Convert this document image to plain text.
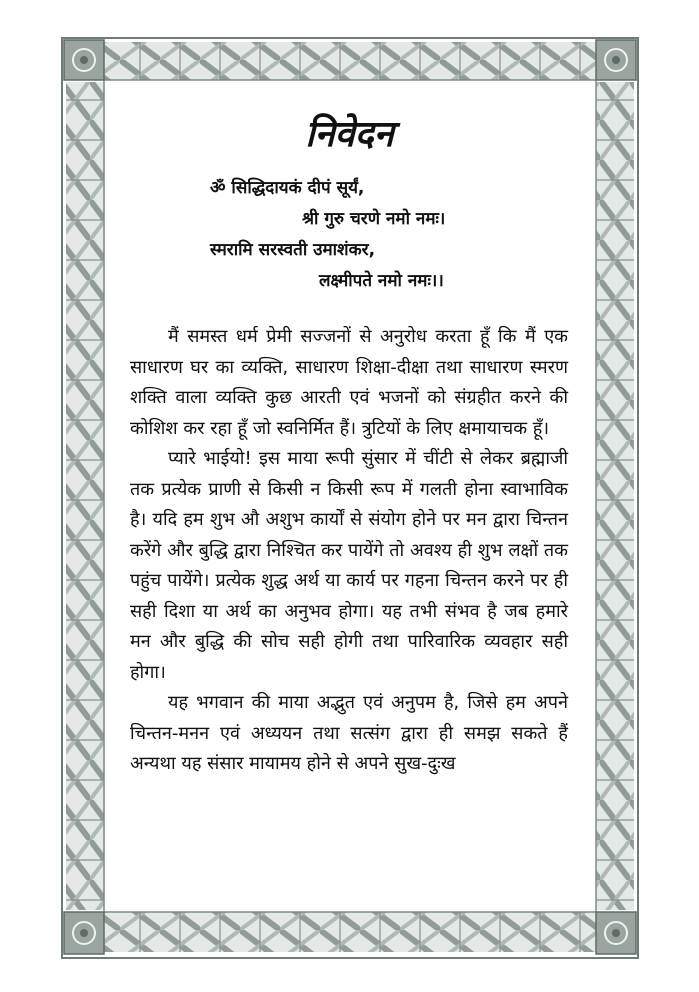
निवेदन
ॐ सिद्धिदायकं दीपं सूर्यं,
श्री गुरु चरणे नमो नमः।
स्मरामि सरस्वती उमाशंकर,
लक्ष्मीपते नमो नमः।।

मैं समस्त धर्म प्रेमी सज्जनों से अनुरोध करता हूँ कि मैं एक साधारण घर का व्यक्ति, साधारण शिक्षा-दीक्षा तथा साधारण स्मरण शक्ति वाला व्यक्ति कुछ आरती एवं भजनों को संग्रहीत करने की कोशिश कर रहा हूँ जो स्वनिर्मित हैं। त्रुटियों के लिए क्षमायाचक हूँ।

प्यारे भाईयो! इस माया रूपी सुंसार में चींटी से लेकर ब्रह्माजी तक प्रत्येक प्राणी से किसी न किसी रूप में गलती होना स्वाभाविक है। यदि हम शुभ औ अशुभ कार्यों से संयोग होने पर मन द्वारा चिन्तन करेंगे और बुद्धि द्वारा निश्चित कर पायेंगे तो अवश्य ही शुभ लक्षों तक पहुंच पायेंगे। प्रत्येक शुद्ध अर्थ या कार्य पर गहना चिन्तन करने पर ही सही दिशा या अर्थ का अनुभव होगा। यह तभी संभव है जब हमारे मन और बुद्धि की सोच सही होगी तथा पारिवारिक व्यवहार सही होगा।

यह भगवान की माया अद्भुत एवं अनुपम है, जिसे हम अपने चिन्तन-मनन एवं अध्ययन तथा सत्संग द्वारा ही समझ सकते हैं अन्यथा यह संसार मायामय होने से अपने सुख-दुःख
